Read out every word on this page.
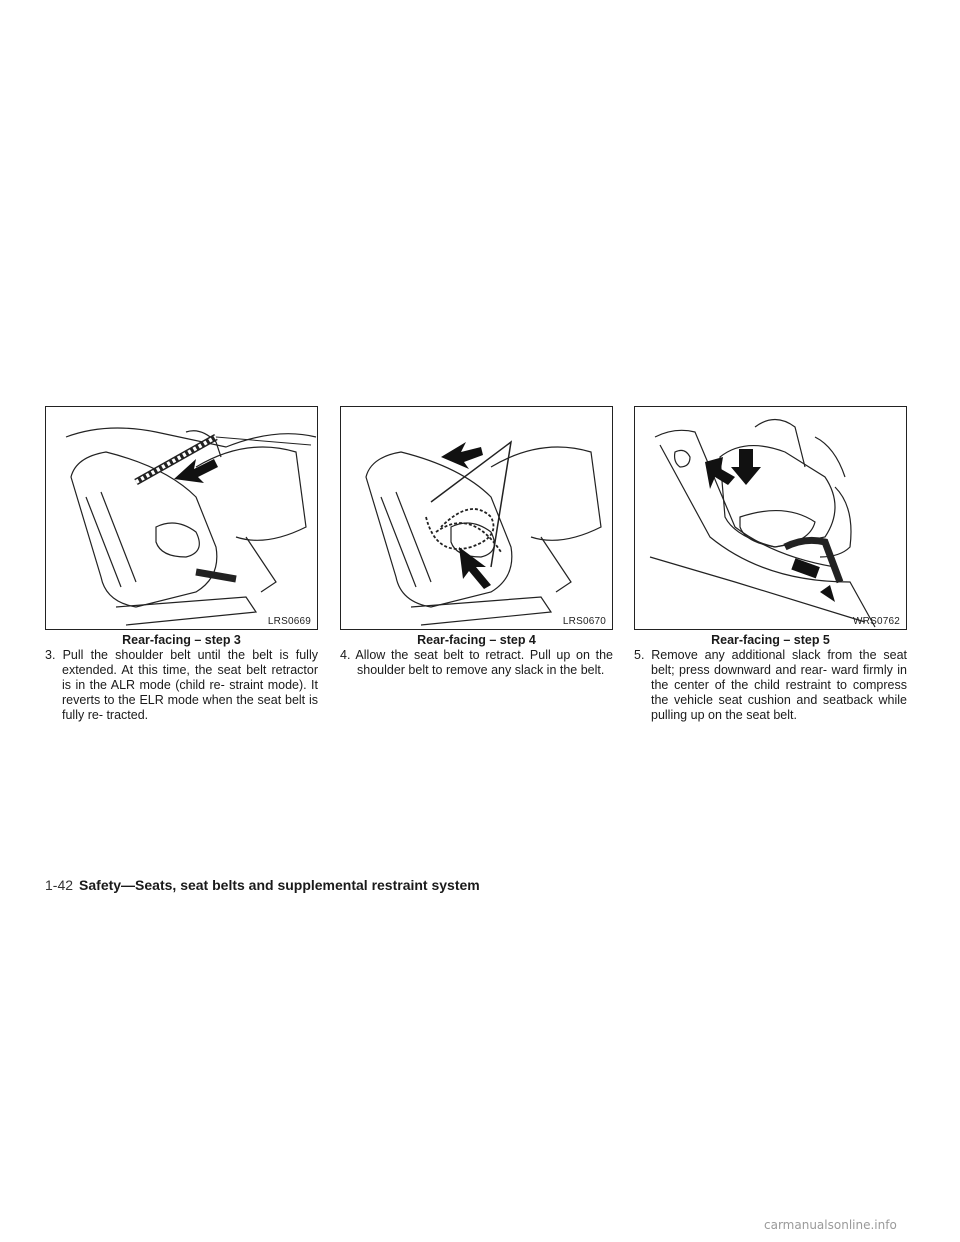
LRS0669
Rear-facing – step 3
3. Pull the shoulder belt until the belt is fully extended. At this time, the seat belt retractor is in the ALR mode (child re- straint mode). It reverts to the ELR mode when the seat belt is fully re- tracted.
LRS0670
Rear-facing – step 4
4. Allow the seat belt to retract. Pull up on the shoulder belt to remove any slack in the belt.
WRS0762
Rear-facing – step 5
5. Remove any additional slack from the seat belt; press downward and rear- ward firmly in the center of the child restraint to compress the vehicle seat cushion and seatback while pulling up on the seat belt.
1-42 Safety—Seats, seat belts and supplemental restraint system
carmanualsonline.info
